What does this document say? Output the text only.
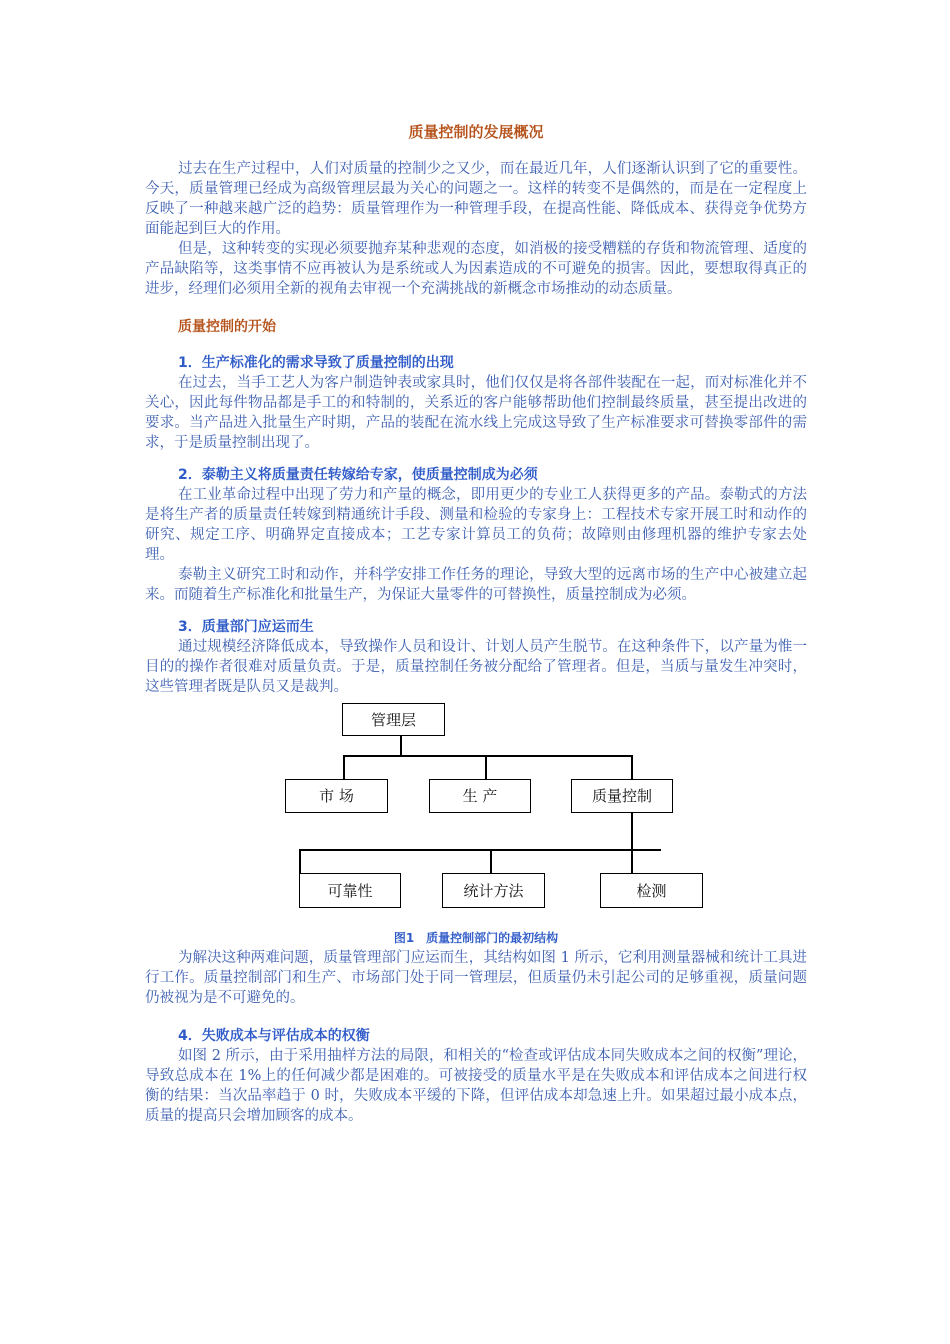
质量控制的发展概况

过去在生产过程中，人们对质量的控制少之又少，而在最近几年，人们逐渐认识到了它的重要性。今天，质量管理已经成为高级管理层最为关心的问题之一。这样的转变不是偶然的，而是在一定程度上反映了一种越来越广泛的趋势：质量管理作为一种管理手段，在提高性能、降低成本、获得竞争优势方面能起到巨大的作用。

但是，这种转变的实现必须要抛弃某种悲观的态度，如消极的接受糟糕的存货和物流管理、适度的产品缺陷等，这类事情不应再被认为是系统或人为因素造成的不可避免的损害。因此，要想取得真正的进步，经理们必须用全新的视角去审视一个充满挑战的新概念市场推动的动态质量。

质量控制的开始
1．生产标准化的需求导致了质量控制的出现

在过去，当手工艺人为客户制造钟表或家具时，他们仅仅是将各部件装配在一起，而对标准化并不关心，因此每件物品都是手工的和特制的，关系近的客户能够帮助他们控制最终质量，甚至提出改进的要求。当产品进入批量生产时期，产品的装配在流水线上完成这导致了生产标准要求可替换零部件的需求，于是质量控制出现了。

2．泰勒主义将质量责任转嫁给专家，使质量控制成为必须

在工业革命过程中出现了劳力和产量的概念，即用更少的专业工人获得更多的产品。泰勒式的方法是将生产者的质量责任转嫁到精通统计手段、测量和检验的专家身上：工程技术专家开展工时和动作的研究、规定工序、明确界定直接成本；工艺专家计算员工的负荷；故障则由修理机器的维护专家去处理。

泰勒主义研究工时和动作，并科学安排工作任务的理论，导致大型的远离市场的生产中心被建立起来。而随着生产标准化和批量生产，为保证大量零件的可替换性，质量控制成为必须。

3．质量部门应运而生

通过规模经济降低成本，导致操作人员和设计、计划人员产生脱节。在这种条件下，以产量为惟一目的的操作者很难对质量负责。于是，质量控制任务被分配给了管理者。但是，当质与量发生冲突时，这些管理者既是队员又是裁判。

管理层
市 场	生 产	质量控制
可靠性	统计方法	检测
图1　质量控制部门的最初结构

为解决这种两难问题，质量管理部门应运而生，其结构如图 1 所示，它利用测量器械和统计工具进行工作。质量控制部门和生产、市场部门处于同一管理层，但质量仍未引起公司的足够重视，质量问题仍被视为是不可避免的。

4．失败成本与评估成本的权衡

如图 2 所示，由于采用抽样方法的局限，和相关的“检查或评估成本同失败成本之间的权衡”理论，导致总成本在 1%上的任何减少都是困难的。可被接受的质量水平是在失败成本和评估成本之间进行权衡的结果：当次品率趋于 0 时，失败成本平缓的下降，但评估成本却急速上升。如果超过最小成本点，质量的提高只会增加顾客的成本。
